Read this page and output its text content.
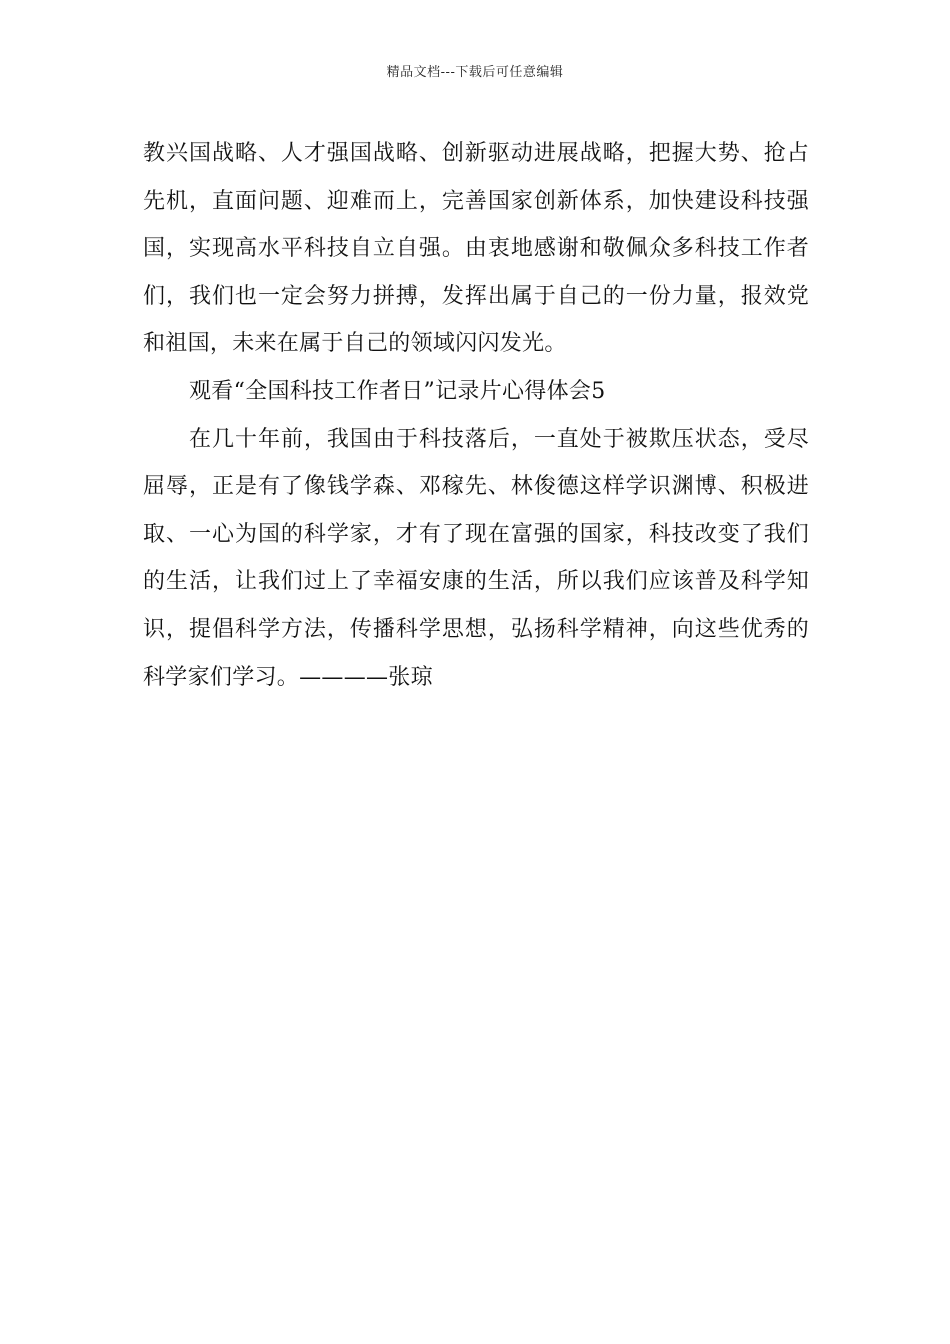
精品文档---下载后可任意编辑

教兴国战略、人才强国战略、创新驱动进展战略，把握大势、抢占先机，直面问题、迎难而上，完善国家创新体系，加快建设科技强国，实现高水平科技自立自强。由衷地感谢和敬佩众多科技工作者们，我们也一定会努力拼搏，发挥出属于自己的一份力量，报效党和祖国，未来在属于自己的领域闪闪发光。

观看“全国科技工作者日”记录片心得体会5

在几十年前，我国由于科技落后，一直处于被欺压状态，受尽屈辱，正是有了像钱学森、邓稼先、林俊德这样学识渊博、积极进取、一心为国的科学家，才有了现在富强的国家，科技改变了我们的生活，让我们过上了幸福安康的生活，所以我们应该普及科学知识，提倡科学方法，传播科学思想，弘扬科学精神，向这些优秀的科学家们学习。————张琼
